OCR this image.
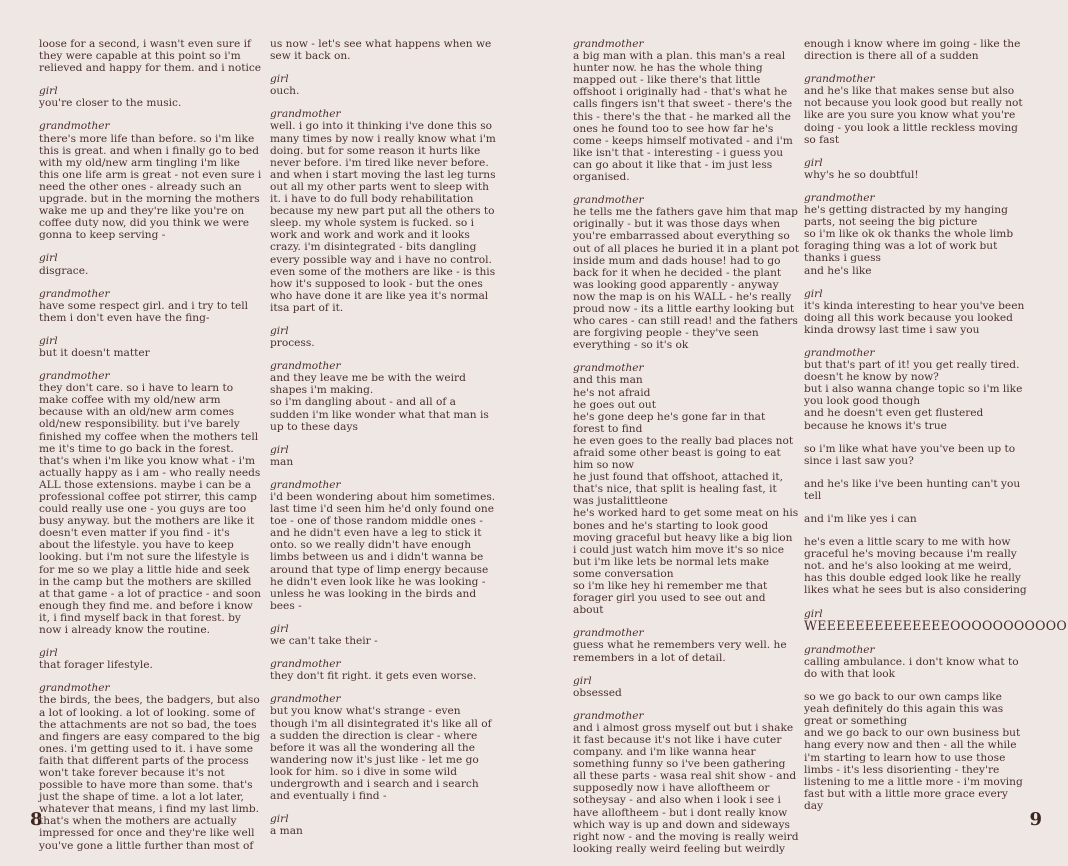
loose for a second, i wasn't even sure if they were capable at this point so i'm relieved and happy for them. and i notice

girl
you're closer to the music.

grandmother
there's more life than before. so i'm like this is great. and when i finally go to bed with my old/new arm tingling i'm like this one life arm is great - not even sure i need the other ones - already such an upgrade. but in the morning the mothers wake me up and they're like you're on coffee duty now, did you think we were gonna to keep serving -

girl
disgrace.

grandmother
have some respect girl. and i try to tell them i don't even have the fing-

girl
but it doesn't matter

grandmother
they don't care. so i have to learn to make coffee with my old/new arm because with an old/new arm comes old/new responsibility. but i've barely finished my coffee when the mothers tell me it's time to go back in the forest. that's when i'm like you know what - i'm actually happy as i am - who really needs ALL those extensions. maybe i can be a professional coffee pot stirrer, this camp could really use one - you guys are too busy anyway. but the mothers are like it doesn't even matter if you find - it's about the lifestyle. you have to keep looking. but i'm not sure the lifestyle is for me so we play a little hide and seek in the camp but the mothers are skilled at that game - a lot of practice - and soon enough they find me. and before i know it, i find myself back in that forest. by now i already know the routine.

girl
that forager lifestyle.

grandmother
the birds, the bees, the badgers, but also a lot of looking. a lot of looking. some of the attachments are not so bad, the toes and fingers are easy compared to the big ones. i'm getting used to it. i have some faith that different parts of the process won't take forever because it's not possible to have more than some. that's just the shape of time. a lot a lot later, whatever that means, i find my last limb. that's when the mothers are actually impressed for once and they're like well you've gone a little further than most of

us now - let's see what happens when we sew it back on.

girl
ouch.

grandmother
well. i go into it thinking i've done this so many times by now i really know what i'm doing. but for some reason it hurts like never before. i'm tired like never before. and when i start moving the last leg turns out all my other parts went to sleep with it. i have to do full body rehabilitation because my new part put all the others to sleep. my whole system is fucked. so i work and work and work and it looks crazy. i'm disintegrated - bits dangling every possible way and i have no control. even some of the mothers are like - is this how it's supposed to look - but the ones who have done it are like yea it's normal itsa part of it.

girl
process.

grandmother
and they leave me be with the weird shapes i'm making.
so i'm dangling about - and all of a sudden i'm like wonder what that man is up to these days

girl
man

grandmother
i'd been wondering about him sometimes. last time i'd seen him he'd only found one toe - one of those random middle ones - and he didn't even have a leg to stick it onto. so we really didn't have enough limbs between us and i didn't wanna be around that type of limp energy because he didn't even look like he was looking - unless he was looking in the birds and bees -

girl
we can't take their -

grandmother
they don't fit right. it gets even worse.

grandmother
but you know what's strange - even though i'm all disintegrated it's like all of a sudden the direction is clear - where before it was all the wondering all the wandering now it's just like - let me go look for him. so i dive in some wild undergrowth and i search and i search and eventually i find -

girl
a man

8

grandmother
a big man with a plan. this man's a real hunter now. he has the whole thing mapped out - like there's that little offshoot i originally had - that's what he calls fingers isn't that sweet - there's the this - there's the that - he marked all the ones he found too to see how far he's come - keeps himself motivated - and i'm like isn't that - interesting - i guess you can go about it like that - im just less organised.

grandmother
he tells me the fathers gave him that map originally - but it was those days when you're embarrassed about everything so out of all places he buried it in a plant pot inside mum and dads house! had to go back for it when he decided - the plant was looking good apparently - anyway now the map is on his WALL - he's really proud now - its a little earthy looking but who cares - can still read! and the fathers are forgiving people - they've seen everything - so it's ok

grandmother
and this man
he's not afraid
he goes out out
he's gone deep he's gone far in that forest to find
he even goes to the really bad places not afraid some other beast is going to eat him so now
he just found that offshoot, attached it, that's nice, that split is healing fast, it was justalittleone
he's worked hard to get some meat on his bones and he's starting to look good moving graceful but heavy like a big lion
i could just watch him move it's so nice
but i'm like lets be normal lets make some conversation
so i'm like hey hi remember me that forager girl you used to see out and about

grandmother
guess what he remembers very well. he remembers in a lot of detail.

girl
obsessed

grandmother
and i almost gross myself out but i shake it fast because it's not like i have cuter company. and i'm like wanna hear something funny so i've been gathering all these parts - wasa real shit show - and supposedly now i have alloftheem or sotheysay - and also when i look i see i have alloftheem - but i dont really know which way is up and down and sideways right now - and the moving is really weird looking really weird feeling but weirdly

enough i know where im going - like the direction is there all of a sudden

grandmother
and he's like that makes sense but also not because you look good but really not like are you sure you know what you're doing - you look a little reckless moving so fast

girl
why's he so doubtful!

grandmother
he's getting distracted by my hanging parts, not seeing the big picture
so i'm like ok ok thanks the whole limb foraging thing was a lot of work but thanks i guess
and he's like

girl
it's kinda interesting to hear you've been doing all this work because you looked kinda drowsy last time i saw you

grandmother
but that's part of it! you get really tired. doesn't he know by now?
but i also wanna change topic so i'm like you look good though
and he doesn't even get flustered because he knows it's true

so i'm like what have you've been up to since i last saw you?

and he's like i've been hunting can't you tell

and i'm like yes i can

he's even a little scary to me with how graceful he's moving because i'm really not. and he's also looking at me weird, has this double edged look like he really likes what he sees but is also considering

girl
WEEEEEEEEEEEEEEOOOOOOOOOOO

grandmother
calling ambulance. i don't know what to do with that look

so we go back to our own camps like yeah definitely do this again this was great or something
and we go back to our own business but hang every now and then - all the while i'm starting to learn how to use those limbs - it's less disorienting - they're listening to me a little more - i'm moving fast but with a little more grace every day

9
